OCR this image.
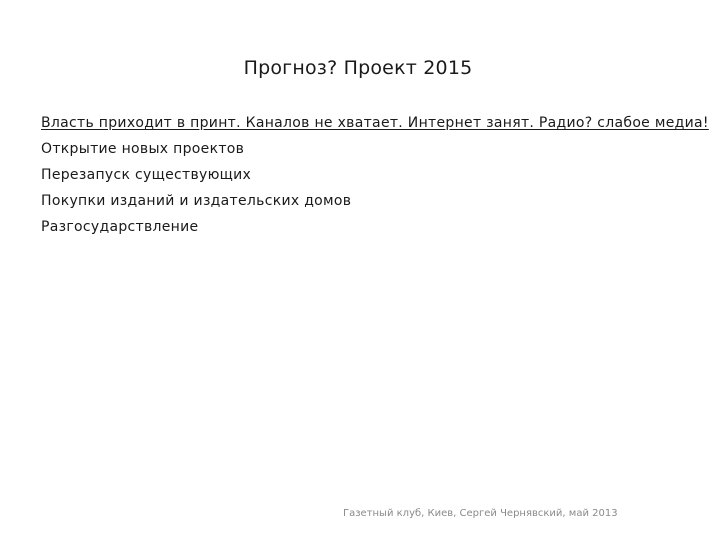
Прогноз? Проект 2015
Власть приходит в принт. Каналов не хватает. Интернет занят. Радио? слабое медиа!
Открытие новых проектов
Перезапуск существующих
Покупки изданий и издательских домов
Разгосударствление
Газетный клуб, Киев, Сергей Чернявский, май 2013
